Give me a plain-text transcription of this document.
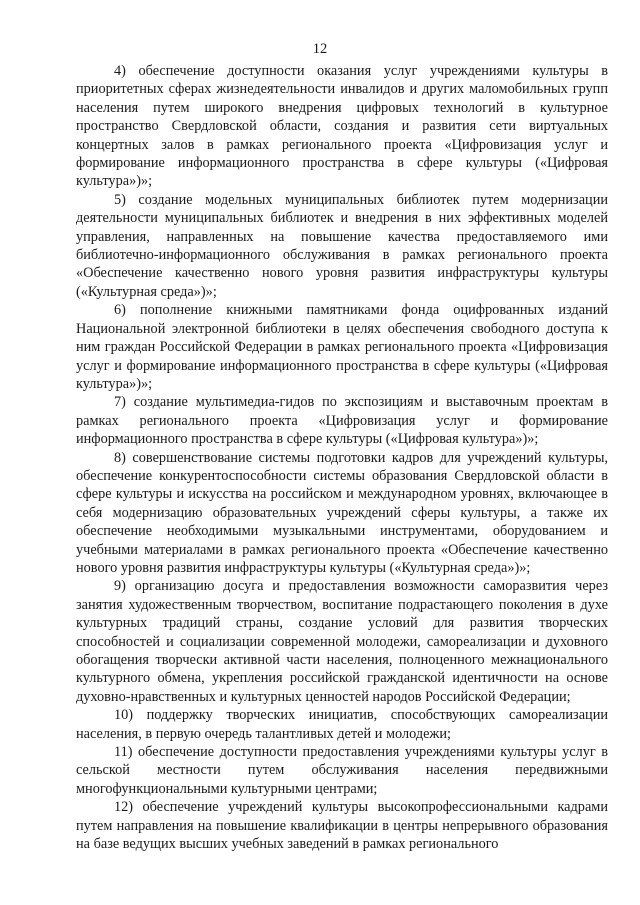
12

4) обеспечение доступности оказания услуг учреждениями культуры в приоритетных сферах жизнедеятельности инвалидов и других маломобильных групп населения путем широкого внедрения цифровых технологий в культурное пространство Свердловской области, создания и развития сети виртуальных концертных залов в рамках регионального проекта «Цифровизация услуг и формирование информационного пространства в сфере культуры («Цифровая культура»)»;

5) создание модельных муниципальных библиотек путем модернизации деятельности муниципальных библиотек и внедрения в них эффективных моделей управления, направленных на повышение качества предоставляемого ими библиотечно-информационного обслуживания в рамках регионального проекта «Обеспечение качественно нового уровня развития инфраструктуры культуры («Культурная среда»)»;

6) пополнение книжными памятниками фонда оцифрованных изданий Национальной электронной библиотеки в целях обеспечения свободного доступа к ним граждан Российской Федерации в рамках регионального проекта «Цифровизация услуг и формирование информационного пространства в сфере культуры («Цифровая культура»)»;

7) создание мультимедиа-гидов по экспозициям и выставочным проектам в рамках регионального проекта «Цифровизация услуг и формирование информационного пространства в сфере культуры («Цифровая культура»)»;

8) совершенствование системы подготовки кадров для учреждений культуры, обеспечение конкурентоспособности системы образования Свердловской области в сфере культуры и искусства на российском и международном уровнях, включающее в себя модернизацию образовательных учреждений сферы культуры, а также их обеспечение необходимыми музыкальными инструментами, оборудованием и учебными материалами в рамках регионального проекта «Обеспечение качественно нового уровня развития инфраструктуры культуры («Культурная среда»)»;

9) организацию досуга и предоставления возможности саморазвития через занятия художественным творчеством, воспитание подрастающего поколения в духе культурных традиций страны, создание условий для развития творческих способностей и социализации современной молодежи, самореализации и духовного обогащения творчески активной части населения, полноценного межнационального культурного обмена, укрепления российской гражданской идентичности на основе духовно-нравственных и культурных ценностей народов Российской Федерации;

10) поддержку творческих инициатив, способствующих самореализации населения, в первую очередь талантливых детей и молодежи;

11) обеспечение доступности предоставления учреждениями культуры услуг в сельской местности путем обслуживания населения передвижными многофункциональными культурными центрами;

12) обеспечение учреждений культуры высокопрофессиональными кадрами путем направления на повышение квалификации в центры непрерывного образования на базе ведущих высших учебных заведений в рамках регионального
